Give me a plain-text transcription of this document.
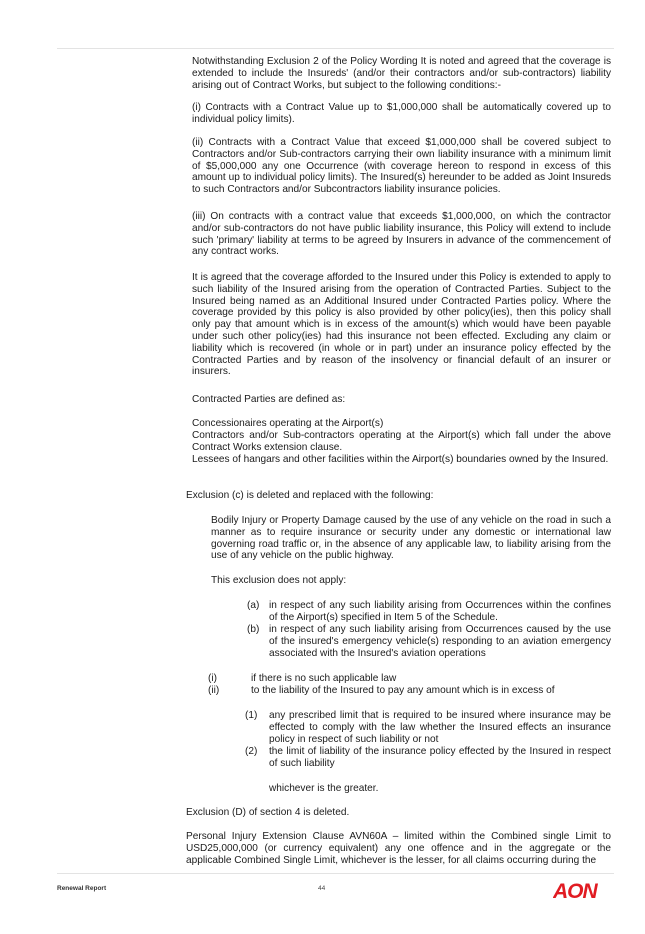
Notwithstanding Exclusion 2 of the Policy Wording It is noted and agreed that the coverage is extended to include the Insureds' (and/or their contractors and/or sub-contractors) liability arising out of Contract Works, but subject to the following conditions:-

(i) Contracts with a Contract Value up to $1,000,000 shall be automatically covered up to individual policy limits).

(ii) Contracts with a Contract Value that exceed $1,000,000 shall be covered subject to Contractors and/or Sub-contractors carrying their own liability insurance with a minimum limit of $5,000,000 any one Occurrence (with coverage hereon to respond in excess of this amount up to individual policy limits). The Insured(s) hereunder to be added as Joint Insureds to such Contractors and/or Subcontractors liability insurance policies.

(iii) On contracts with a contract value that exceeds $1,000,000, on which the contractor and/or sub-contractors do not have public liability insurance, this Policy will extend to include such 'primary' liability at terms to be agreed by Insurers in advance of the commencement of any contract works.

It is agreed that the coverage afforded to the Insured under this Policy is extended to apply to such liability of the Insured arising from the operation of Contracted Parties. Subject to the Insured being named as an Additional Insured under Contracted Parties policy. Where the coverage provided by this policy is also provided by other policy(ies), then this policy shall only pay that amount which is in excess of the amount(s) which would have been payable under such other policy(ies) had this insurance not been effected. Excluding any claim or liability which is recovered (in whole or in part) under an insurance policy effected by the Contracted Parties and by reason of the insolvency or financial default of an insurer or insurers.

Contracted Parties are defined as:

Concessionaires operating at the Airport(s)

Contractors and/or Sub-contractors operating at the Airport(s) which fall under the above Contract Works extension clause.

Lessees of hangars and other facilities within the Airport(s) boundaries owned by the Insured.

Exclusion (c) is deleted and replaced with the following:

Bodily Injury or Property Damage caused by the use of any vehicle on the road in such a manner as to require insurance or security under any domestic or international law governing road traffic or, in the absence of any applicable law, to liability arising from the use of any vehicle on the public highway.

This exclusion does not apply:

(a) in respect of any such liability arising from Occurrences within the confines of the Airport(s) specified in Item 5 of the Schedule.
(b) in respect of any such liability arising from Occurrences caused by the use of the insured's emergency vehicle(s) responding to an aviation emergency associated with the Insured's aviation operations
(i)	if there is no such applicable law
(ii)	to the liability of the Insured to pay any amount which is in excess of
(1) any prescribed limit that is required to be insured where insurance may be effected to comply with the law whether the Insured effects an insurance policy in respect of such liability or not
(2) the limit of liability of the insurance policy effected by the Insured in respect of such liability

whichever is the greater.

Exclusion (D) of section 4 is deleted.

Personal Injury Extension Clause AVN60A – limited within the Combined single Limit to USD25,000,000 (or currency equivalent) any one offence and in the aggregate or the applicable Combined Single Limit, whichever is the lesser, for all claims occurring during the

Renewal Report	44	AON
